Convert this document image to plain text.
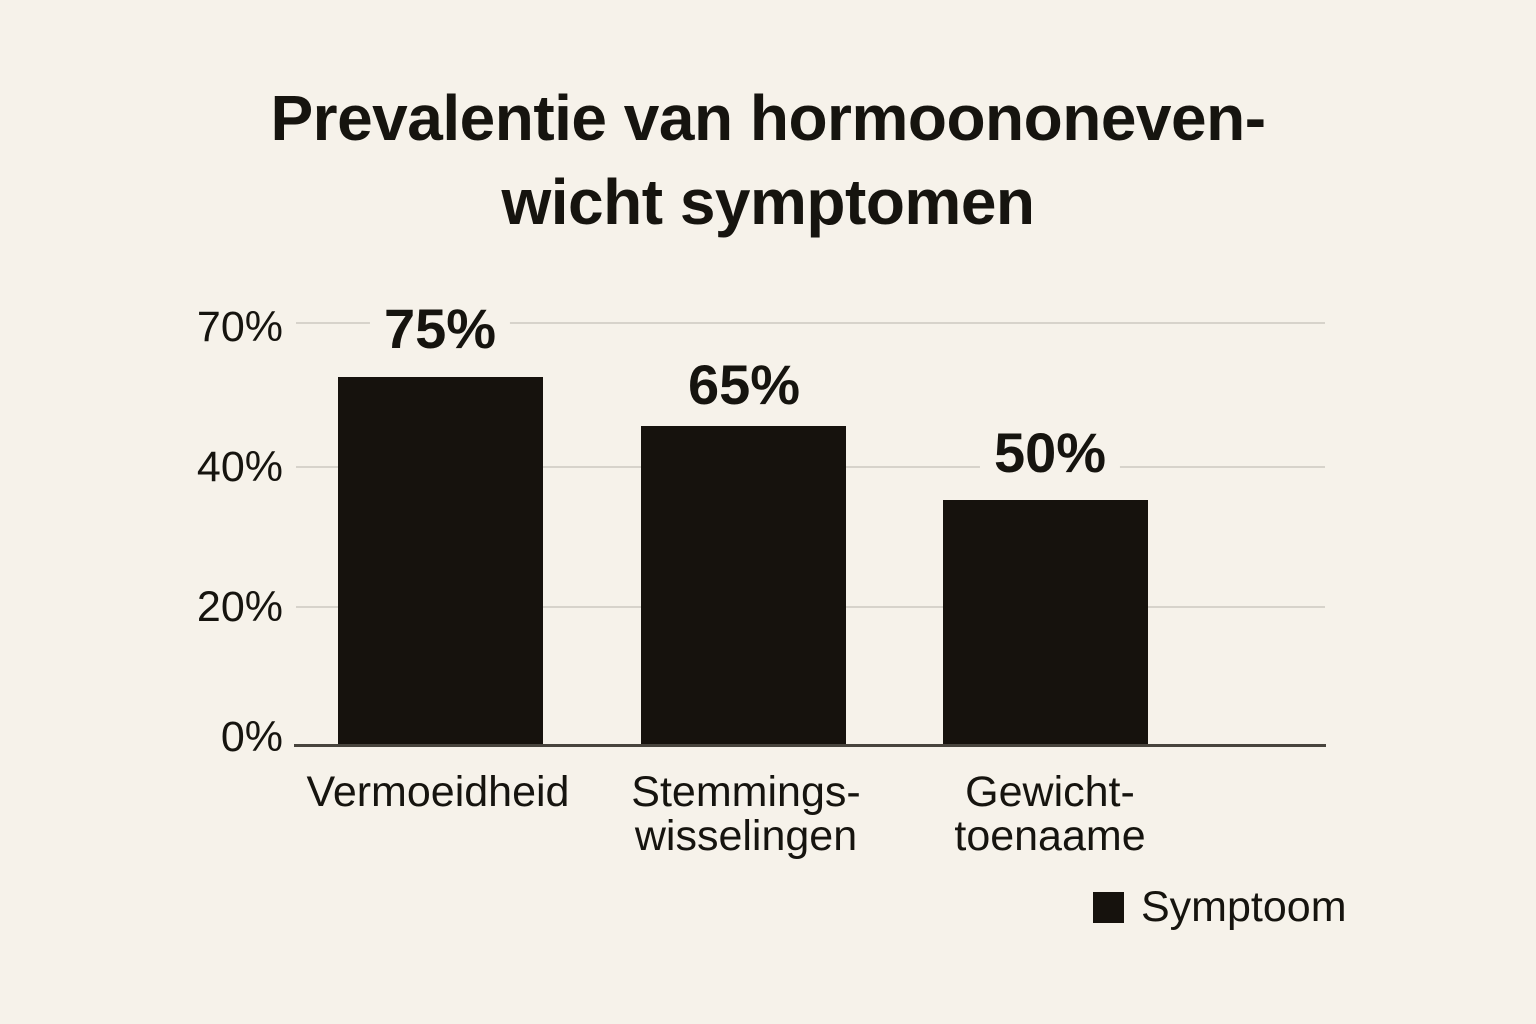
Prevalentie van hormoononeven-
wicht symptomen
70%
40%
20%
0%
75%
65%
50%
Vermoeidheid Stemmings-
wisselingen
Gewicht-
toenaame
Symptoom
